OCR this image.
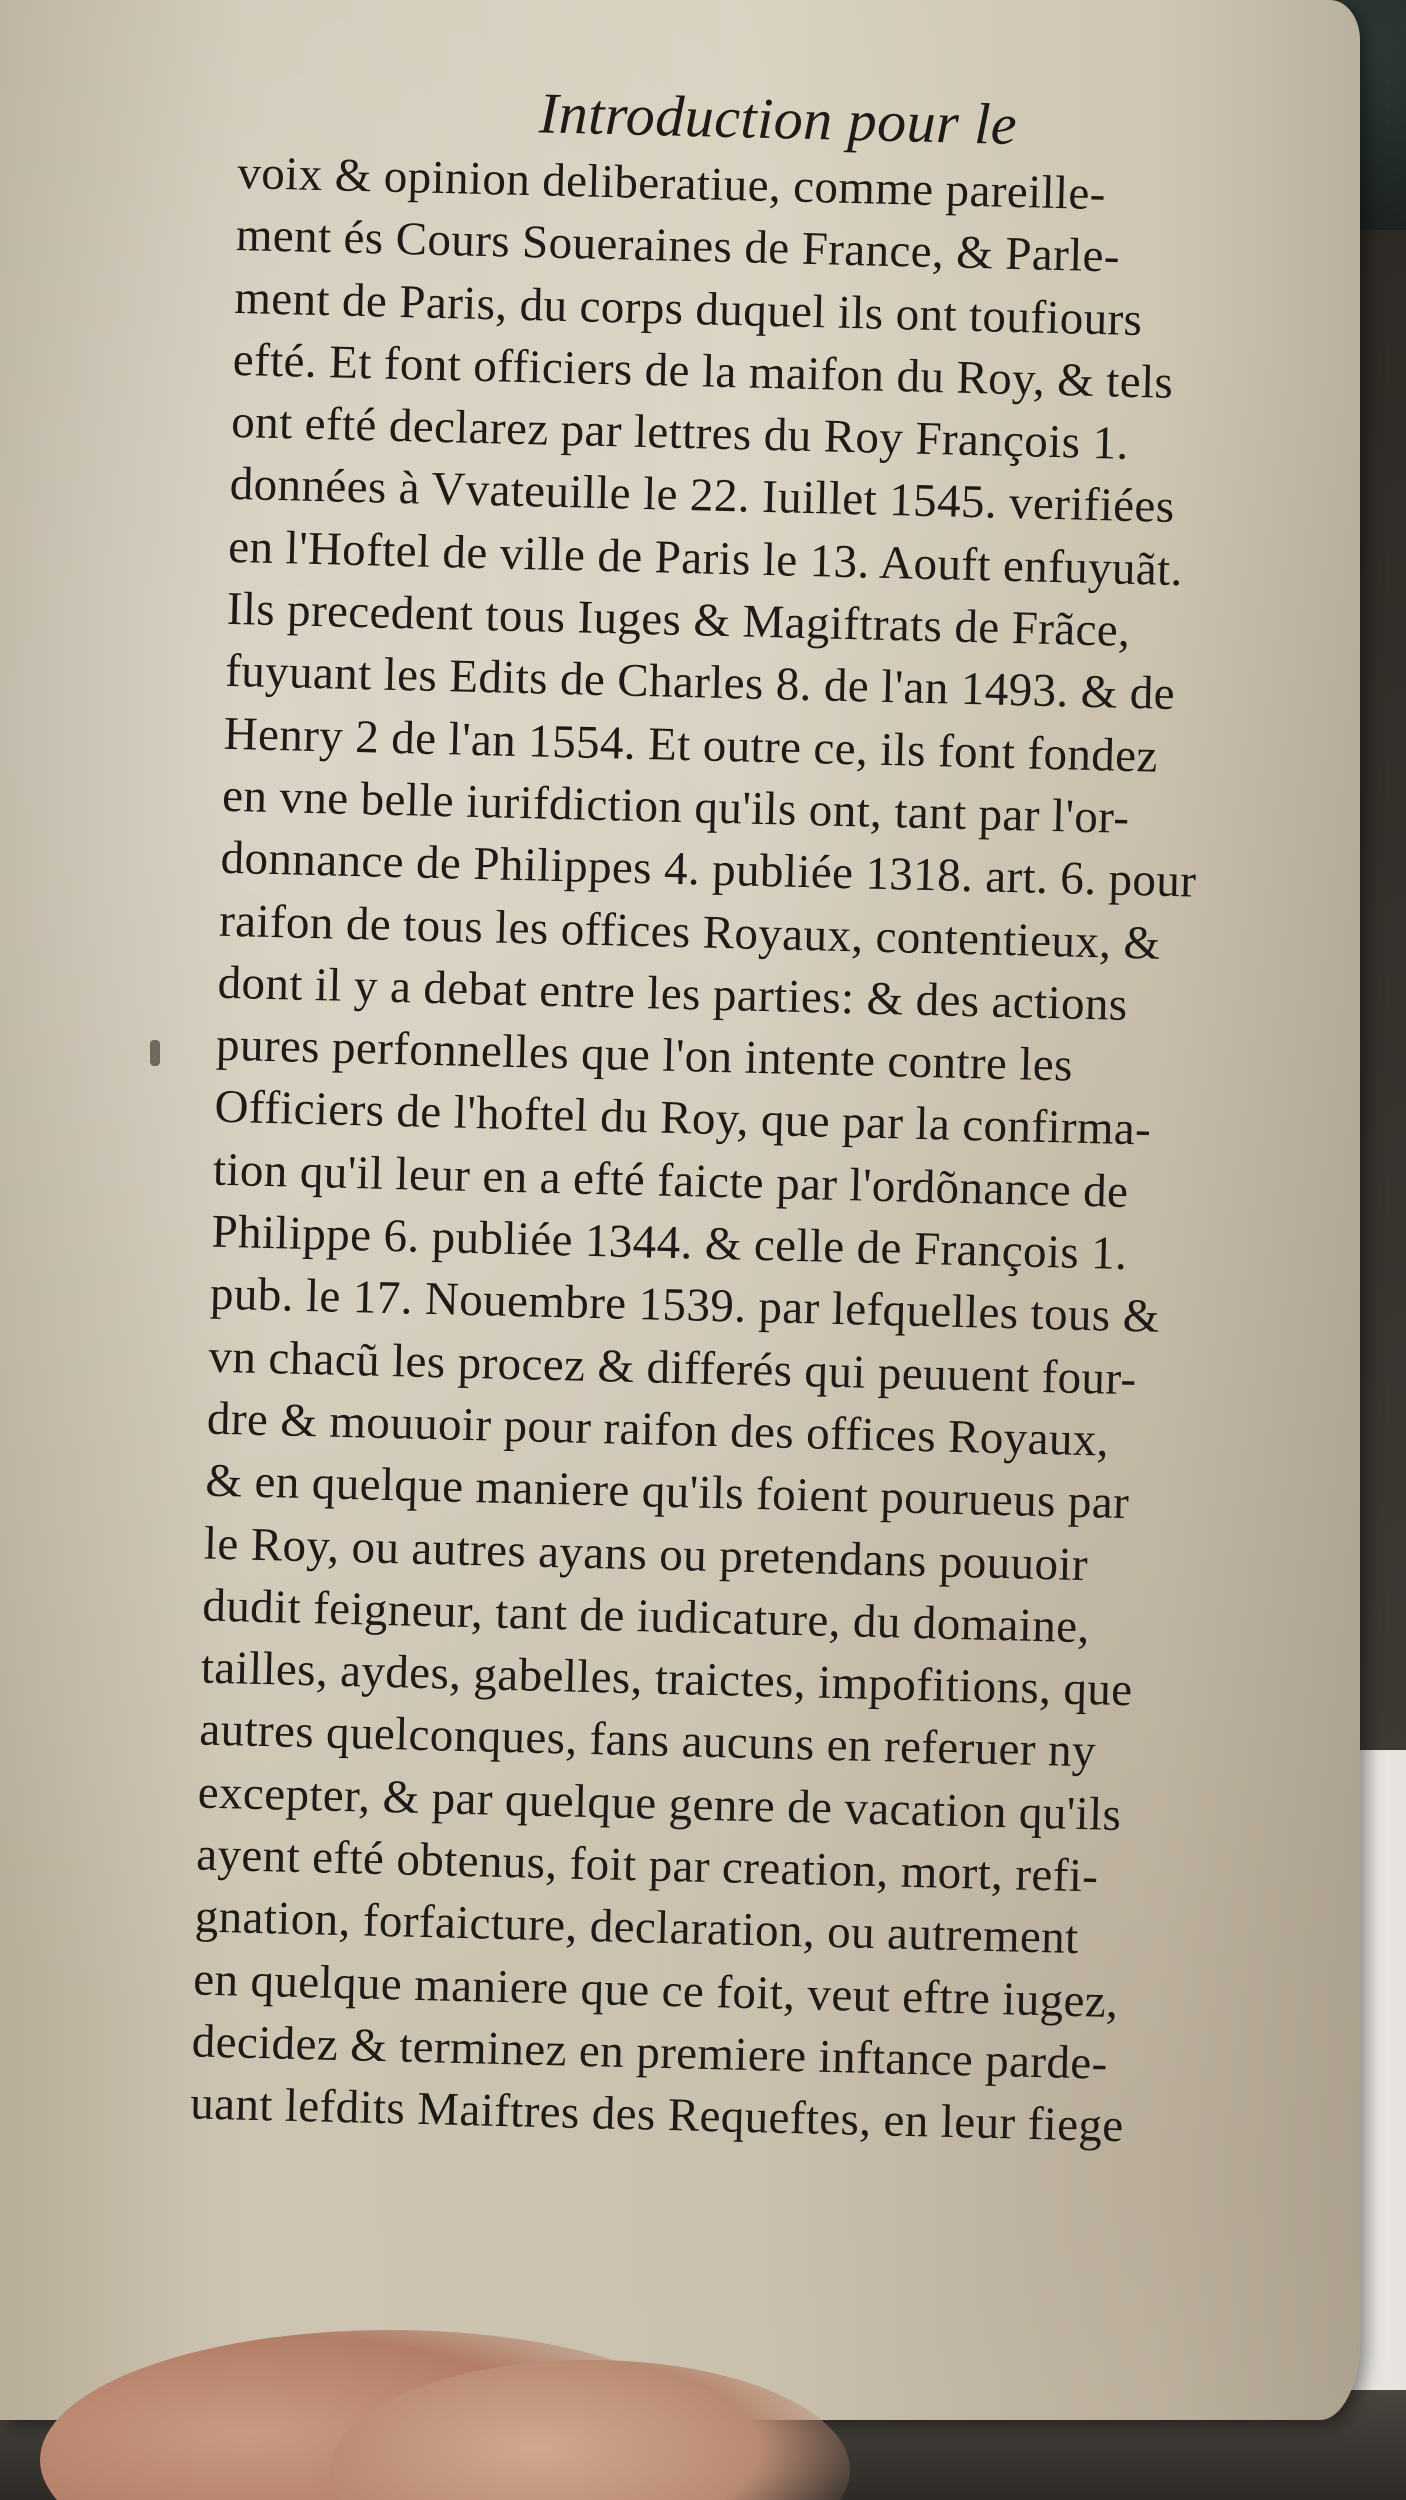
Introduction pour le
voix & opinion deliberatiue, comme pareille-
ment és Cours Soueraines de France, & Parle-
ment de Paris, du corps duquel ils ont toufiours
efté. Et font officiers de la maifon du Roy, & tels
ont efté declarez par lettres du Roy François 1.
données à Vvateuille le 22. Iuillet 1545. verifiées
en l'Hoftel de ville de Paris le 13. Aouft enfuyuãt.
Ils precedent tous Iuges & Magiftrats de Frãce,
fuyuant les Edits de Charles 8. de l'an 1493. & de
Henry 2 de l'an 1554. Et outre ce, ils font fondez
en vne belle iurifdiction qu'ils ont, tant par l'or-
donnance de Philippes 4. publiée 1318. art. 6. pour
raifon de tous les offices Royaux, contentieux, &
dont il y a debat entre les parties: & des actions
pures perfonnelles que l'on intente contre les
Officiers de l'hoftel du Roy, que par la confirma-
tion qu'il leur en a efté faicte par l'ordõnance de
Philippe 6. publiée 1344. & celle de François 1.
pub. le 17. Nouembre 1539. par lefquelles tous &
vn chacũ les procez & differés qui peuuent four-
dre & mouuoir pour raifon des offices Royaux,
& en quelque maniere qu'ils foient pourueus par
le Roy, ou autres ayans ou pretendans pouuoir
dudit feigneur, tant de iudicature, du domaine,
tailles, aydes, gabelles, traictes, impofitions, que
autres quelconques, fans aucuns en referuer ny
excepter, & par quelque genre de vacation qu'ils
ayent efté obtenus, foit par creation, mort, refi-
gnation, forfaicture, declaration, ou autrement
en quelque maniere que ce foit, veut eftre iugez,
decidez & terminez en premiere inftance parde-
uant lefdits Maiftres des Requeftes, en leur fiege
